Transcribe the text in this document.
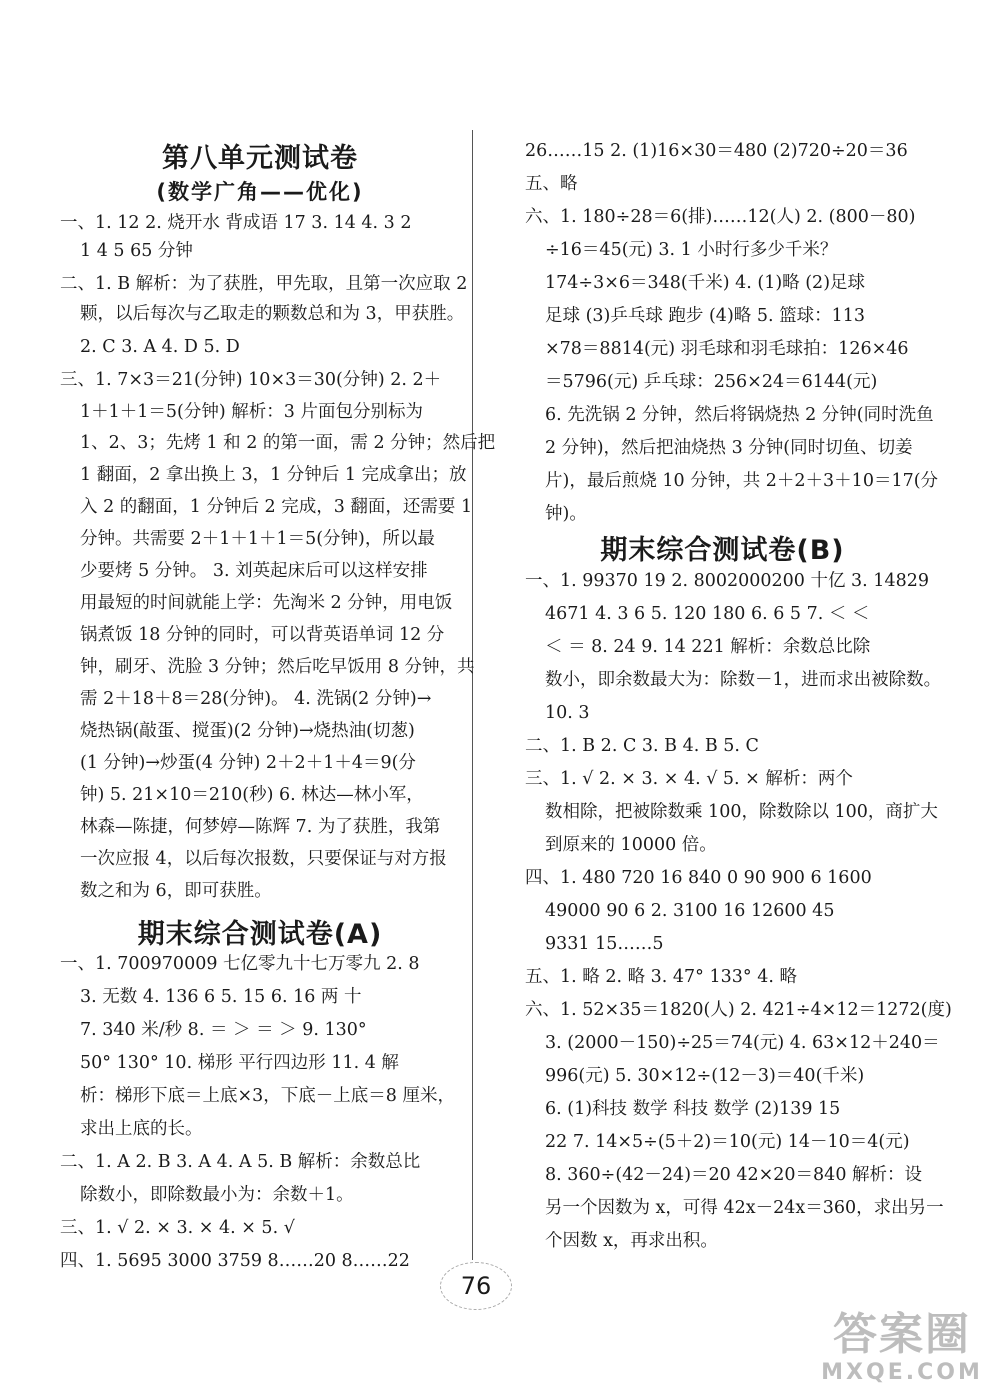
第八单元测试卷
(数学广角——优化)
一、1. 12 2. 烧开水 背成语 17 3. 14 4. 3 2
1 4 5 65 分钟
二、1. B 解析：为了获胜，甲先取，且第一次应取 2
颗，以后每次与乙取走的颗数总和为 3，甲获胜。
2. C 3. A 4. D 5. D
三、1. 7×3＝21(分钟) 10×3＝30(分钟) 2. 2＋
1＋1＋1＝5(分钟) 解析：3 片面包分别标为
1、2、3；先烤 1 和 2 的第一面，需 2 分钟；然后把
1 翻面，2 拿出换上 3，1 分钟后 1 完成拿出；放
入 2 的翻面，1 分钟后 2 完成，3 翻面，还需要 1
分钟。共需要 2＋1＋1＋1＝5(分钟)，所以最
少要烤 5 分钟。 3. 刘英起床后可以这样安排
用最短的时间就能上学：先淘米 2 分钟，用电饭
锅煮饭 18 分钟的同时，可以背英语单词 12 分
钟，刷牙、洗脸 3 分钟；然后吃早饭用 8 分钟，共
需 2＋18＋8＝28(分钟)。 4. 洗锅(2 分钟)→
烧热锅(敲蛋、搅蛋)(2 分钟)→烧热油(切葱)
(1 分钟)→炒蛋(4 分钟) 2＋2＋1＋4＝9(分
钟) 5. 21×10＝210(秒) 6. 林达—林小军，
林森—陈捷，何梦婷—陈辉 7. 为了获胜，我第
一次应报 4，以后每次报数，只要保证与对方报
数之和为 6，即可获胜。
期末综合测试卷(A)
一、1. 700970009 七亿零九十七万零九 2. 8
3. 无数 4. 136 6 5. 15 6. 16 两 十
7. 340 米/秒 8. ＝ ＞ ＝ ＞ 9. 130°
50° 130° 10. 梯形 平行四边形 11. 4 解
析：梯形下底＝上底×3，下底－上底＝8 厘米，
求出上底的长。
二、1. A 2. B 3. A 4. A 5. B 解析：余数总比
除数小，即除数最小为：余数＋1。
三、1. √ 2. × 3. × 4. × 5. √
四、1. 5695 3000 3759 8……20 8……22
26……15 2. (1)16×30＝480 (2)720÷20＝36
五、略
六、1. 180÷28＝6(排)……12(人) 2. (800－80)
÷16＝45(元) 3. 1 小时行多少千米？
174÷3×6＝348(千米) 4. (1)略 (2)足球
足球 (3)乒乓球 跑步 (4)略 5. 篮球：113
×78＝8814(元) 羽毛球和羽毛球拍：126×46
＝5796(元) 乒乓球：256×24＝6144(元)
6. 先洗锅 2 分钟，然后将锅烧热 2 分钟(同时洗鱼
2 分钟)，然后把油烧热 3 分钟(同时切鱼、切姜
片)，最后煎烧 10 分钟，共 2＋2＋3＋10＝17(分
钟)。
期末综合测试卷(B)
一、1. 99370 19 2. 8002000200 十亿 3. 14829
4671 4. 3 6 5. 120 180 6. 6 5 7. ＜ ＜
＜ ＝ 8. 24 9. 14 221 解析：余数总比除
数小，即余数最大为：除数－1，进而求出被除数。
10. 3
二、1. B 2. C 3. B 4. B 5. C
三、1. √ 2. × 3. × 4. √ 5. × 解析：两个
数相除，把被除数乘 100，除数除以 100，商扩大
到原来的 10000 倍。
四、1. 480 720 16 840 0 90 900 6 1600
49000 90 6 2. 3100 16 12600 45
9331 15……5
五、1. 略 2. 略 3. 47° 133° 4. 略
六、1. 52×35＝1820(人) 2. 421÷4×12＝1272(度)
3. (2000－150)÷25＝74(元) 4. 63×12＋240＝
996(元) 5. 30×12÷(12－3)＝40(千米)
6. (1)科技 数学 科技 数学 (2)139 15
22 7. 14×5÷(5＋2)＝10(元) 14－10＝4(元)
8. 360÷(42－24)＝20 42×20＝840 解析：设
另一个因数为 x，可得 42x－24x＝360，求出另一
个因数 x，再求出积。
76
答案圈
MXQE.COM
